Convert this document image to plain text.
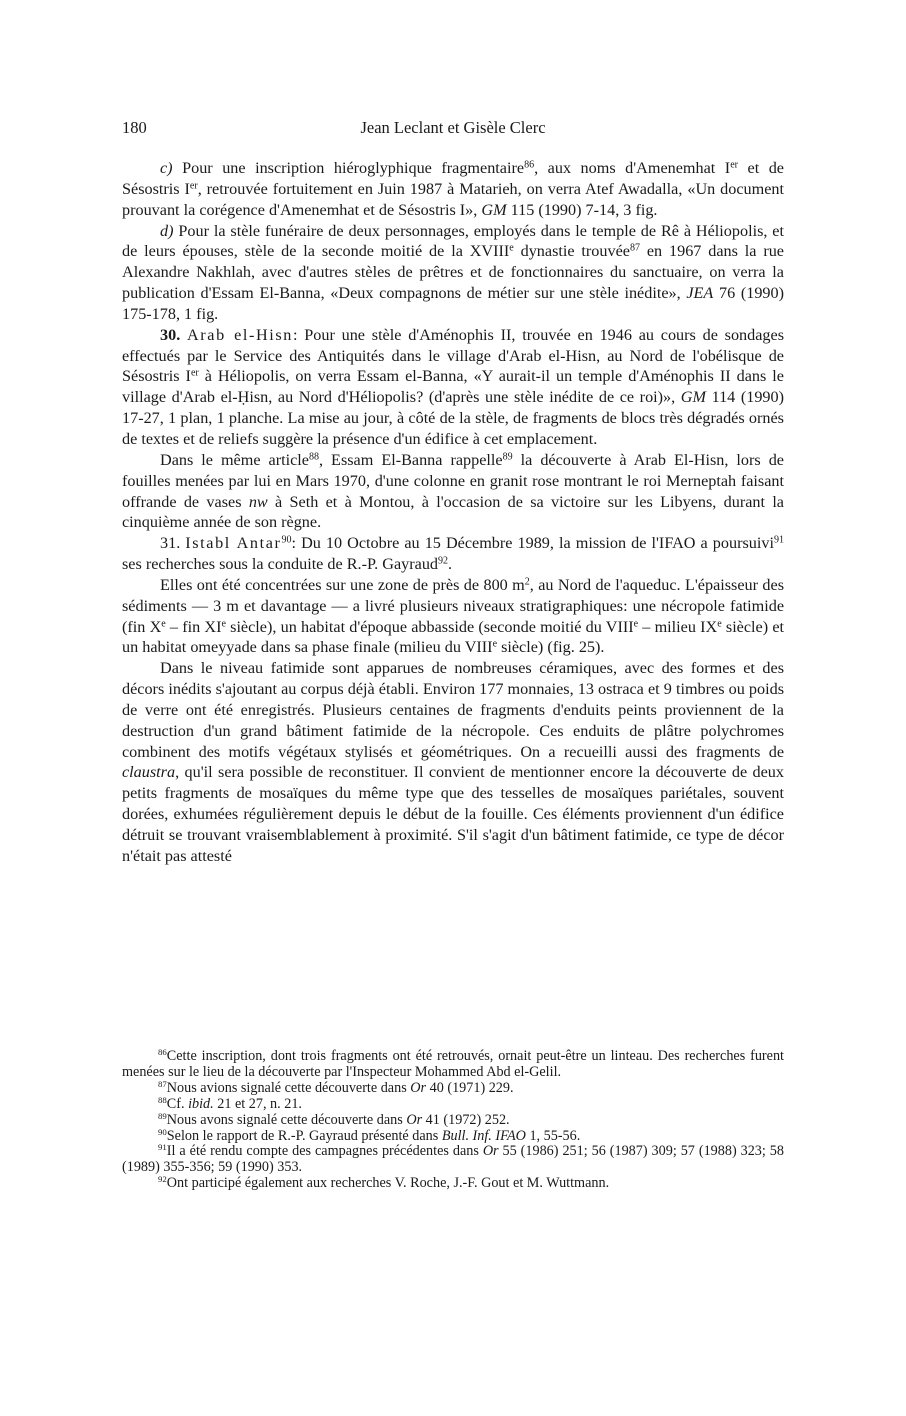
180	Jean Leclant et Gisèle Clerc

c) Pour une inscription hiéroglyphique fragmentaire$^{86}$, aux noms d'Amenemhat Ier et de Sésostris Ier, retrouvée fortuitement en Juin 1987 à Matarieh, on verra Atef Awadalla, «Un document prouvant la corégence d'Amenemhat et de Sésostris I», GM 115 (1990) 7-14, 3 fig.

d) Pour la stèle funéraire de deux personnages, employés dans le temple de Rê à Héliopolis, et de leurs épouses, stèle de la seconde moitié de la XVIIIe dynastie trouvée$^{87}$ en 1967 dans la rue Alexandre Nakhlah, avec d'autres stèles de prêtres et de fonctionnaires du sanctuaire, on verra la publication d'Essam El-Banna, «Deux compagnons de métier sur une stèle inédite», JEA 76 (1990) 175-178, 1 fig.

30. Arab el-Hisn: Pour une stèle d'Aménophis II, trouvée en 1946 au cours de sondages effectués par le Service des Antiquités dans le village d'Arab el-Hisn, au Nord de l'obélisque de Sésostris Ier à Héliopolis, on verra Essam el-Banna, «Y aurait-il un temple d'Aménophis II dans le village d'Arab el-Ḥisn, au Nord d'Héliopolis? (d'après une stèle inédite de ce roi)», GM 114 (1990) 17-27, 1 plan, 1 planche. La mise au jour, à côté de la stèle, de fragments de blocs très dégradés ornés de textes et de reliefs suggère la présence d'un édifice à cet emplacement.

Dans le même article$^{88}$, Essam El-Banna rappelle$^{89}$ la découverte à Arab El-Hisn, lors de fouilles menées par lui en Mars 1970, d'une colonne en granit rose montrant le roi Merneptah faisant offrande de vases nw à Seth et à Montou, à l'occasion de sa victoire sur les Libyens, durant la cinquième année de son règne.

31. Istabl Antar$^{90}$: Du 10 Octobre au 15 Décembre 1989, la mission de l'IFAO a poursuivi$^{91}$ ses recherches sous la conduite de R.-P. Gayraud$^{92}$.

Elles ont été concentrées sur une zone de près de 800 $m^2$, au Nord de l'aqueduc. L'épaisseur des sédiments — 3 m et davantage — a livré plusieurs niveaux stratigraphiques: une nécropole fatimide (fin Xe – fin XIe siècle), un habitat d'époque abbasside (seconde moitié du VIIIe – milieu IXe siècle) et un habitat omeyyade dans sa phase finale (milieu du VIIIe siècle) (fig. 25).

Dans le niveau fatimide sont apparues de nombreuses céramiques, avec des formes et des décors inédits s'ajoutant au corpus déjà établi. Environ 177 monnaies, 13 ostraca et 9 timbres ou poids de verre ont été enregistrés. Plusieurs centaines de fragments d'enduits peints proviennent de la destruction d'un grand bâtiment fatimide de la nécropole. Ces enduits de plâtre polychromes combinent des motifs végétaux stylisés et géométriques. On a recueilli aussi des fragments de claustra, qu'il sera possible de reconstituer. Il convient de mentionner encore la découverte de deux petits fragments de mosaïques du même type que des tesselles de mosaïques pariétales, souvent dorées, exhumées régulièrement depuis le début de la fouille. Ces éléments proviennent d'un édifice détruit se trouvant vraisemblablement à proximité. S'il s'agit d'un bâtiment fatimide, ce type de décor n'était pas attesté

$^{86}$Cette inscription, dont trois fragments ont été retrouvés, ornait peut-être un linteau. Des recherches furent menées sur le lieu de la découverte par l'Inspecteur Mohammed Abd el-Gelil.

$^{87}$Nous avions signalé cette découverte dans Or 40 (1971) 229.

$^{88}$Cf. ibid. 21 et 27, n. 21.

$^{89}$Nous avons signalé cette découverte dans Or 41 (1972) 252.

$^{90}$Selon le rapport de R.-P. Gayraud présenté dans Bull. Inf. IFAO 1, 55-56.

$^{91}$Il a été rendu compte des campagnes précédentes dans Or 55 (1986) 251; 56 (1987) 309; 57 (1988) 323; 58 (1989) 355-356; 59 (1990) 353.

$^{92}$Ont participé également aux recherches V. Roche, J.-F. Gout et M. Wuttmann.
